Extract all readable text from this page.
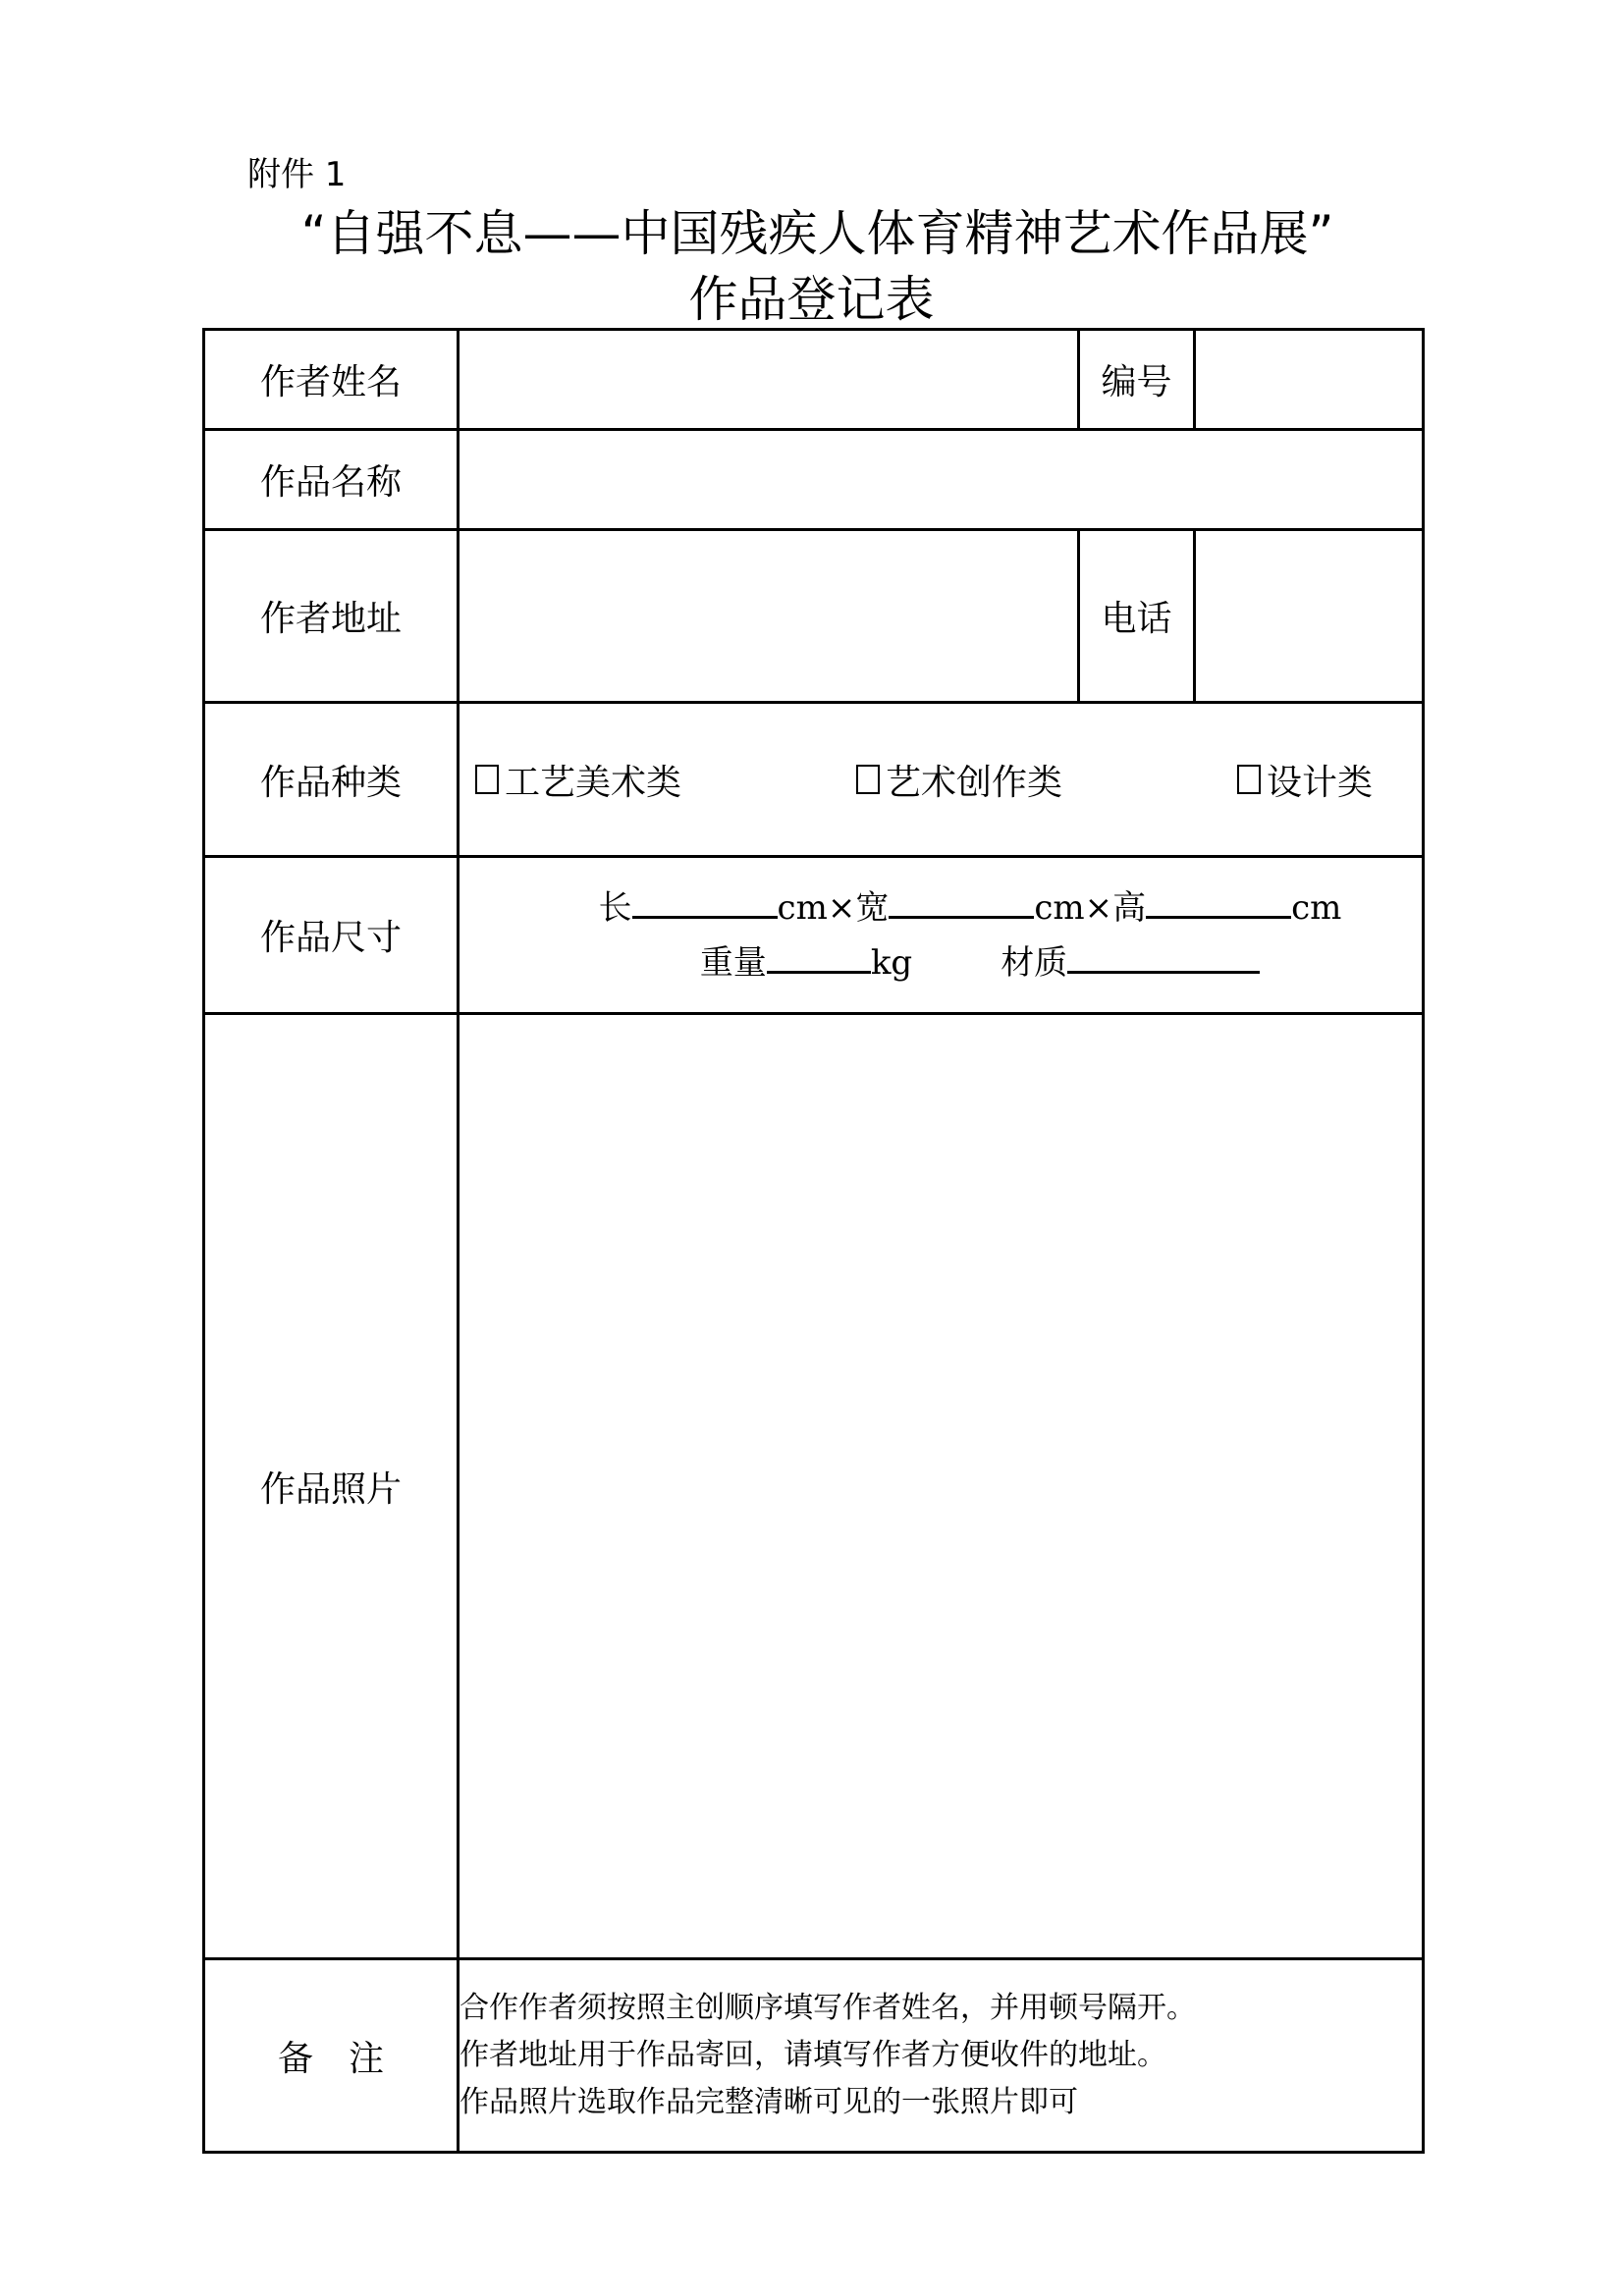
附件 1
“自强不息——中国残疾人体育精神艺术作品展”
作品登记表
作者姓名		编号	
作品名称			
作者地址		电话	
作品种类	工艺美术类 艺术创作类 设计类		

作品尺寸	长 cm×宽 cm×高 cm
重量 kg 材质		

作品照片			
备　注	合作作者须按照主创顺序填写作者姓名，并用顿号隔开。
作者地址用于作品寄回，请填写作者方便收件的地址。
作品照片选取作品完整清晰可见的一张照片即可		
